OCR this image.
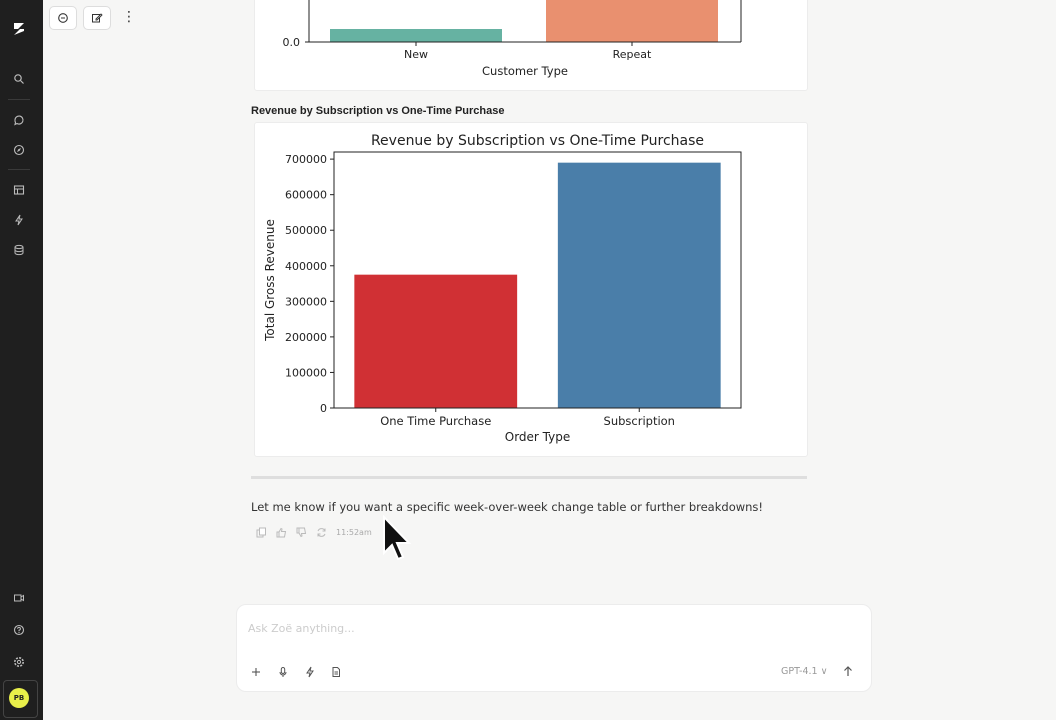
PB
⋮
0.0
New	Repeat
Customer Type
Revenue by Subscription vs One-Time Purchase
One Time Purchase	Subscription
0
100000
200000
300000
400000
500000
600000
700000
Revenue by Subscription vs One-Time Purchase
Order Type
Total Gross Revenue
Let me know if you want a specific week-over-week change table or further breakdowns!
11:52am
Ask Zoë anything...
GPT-4.1 ∨
